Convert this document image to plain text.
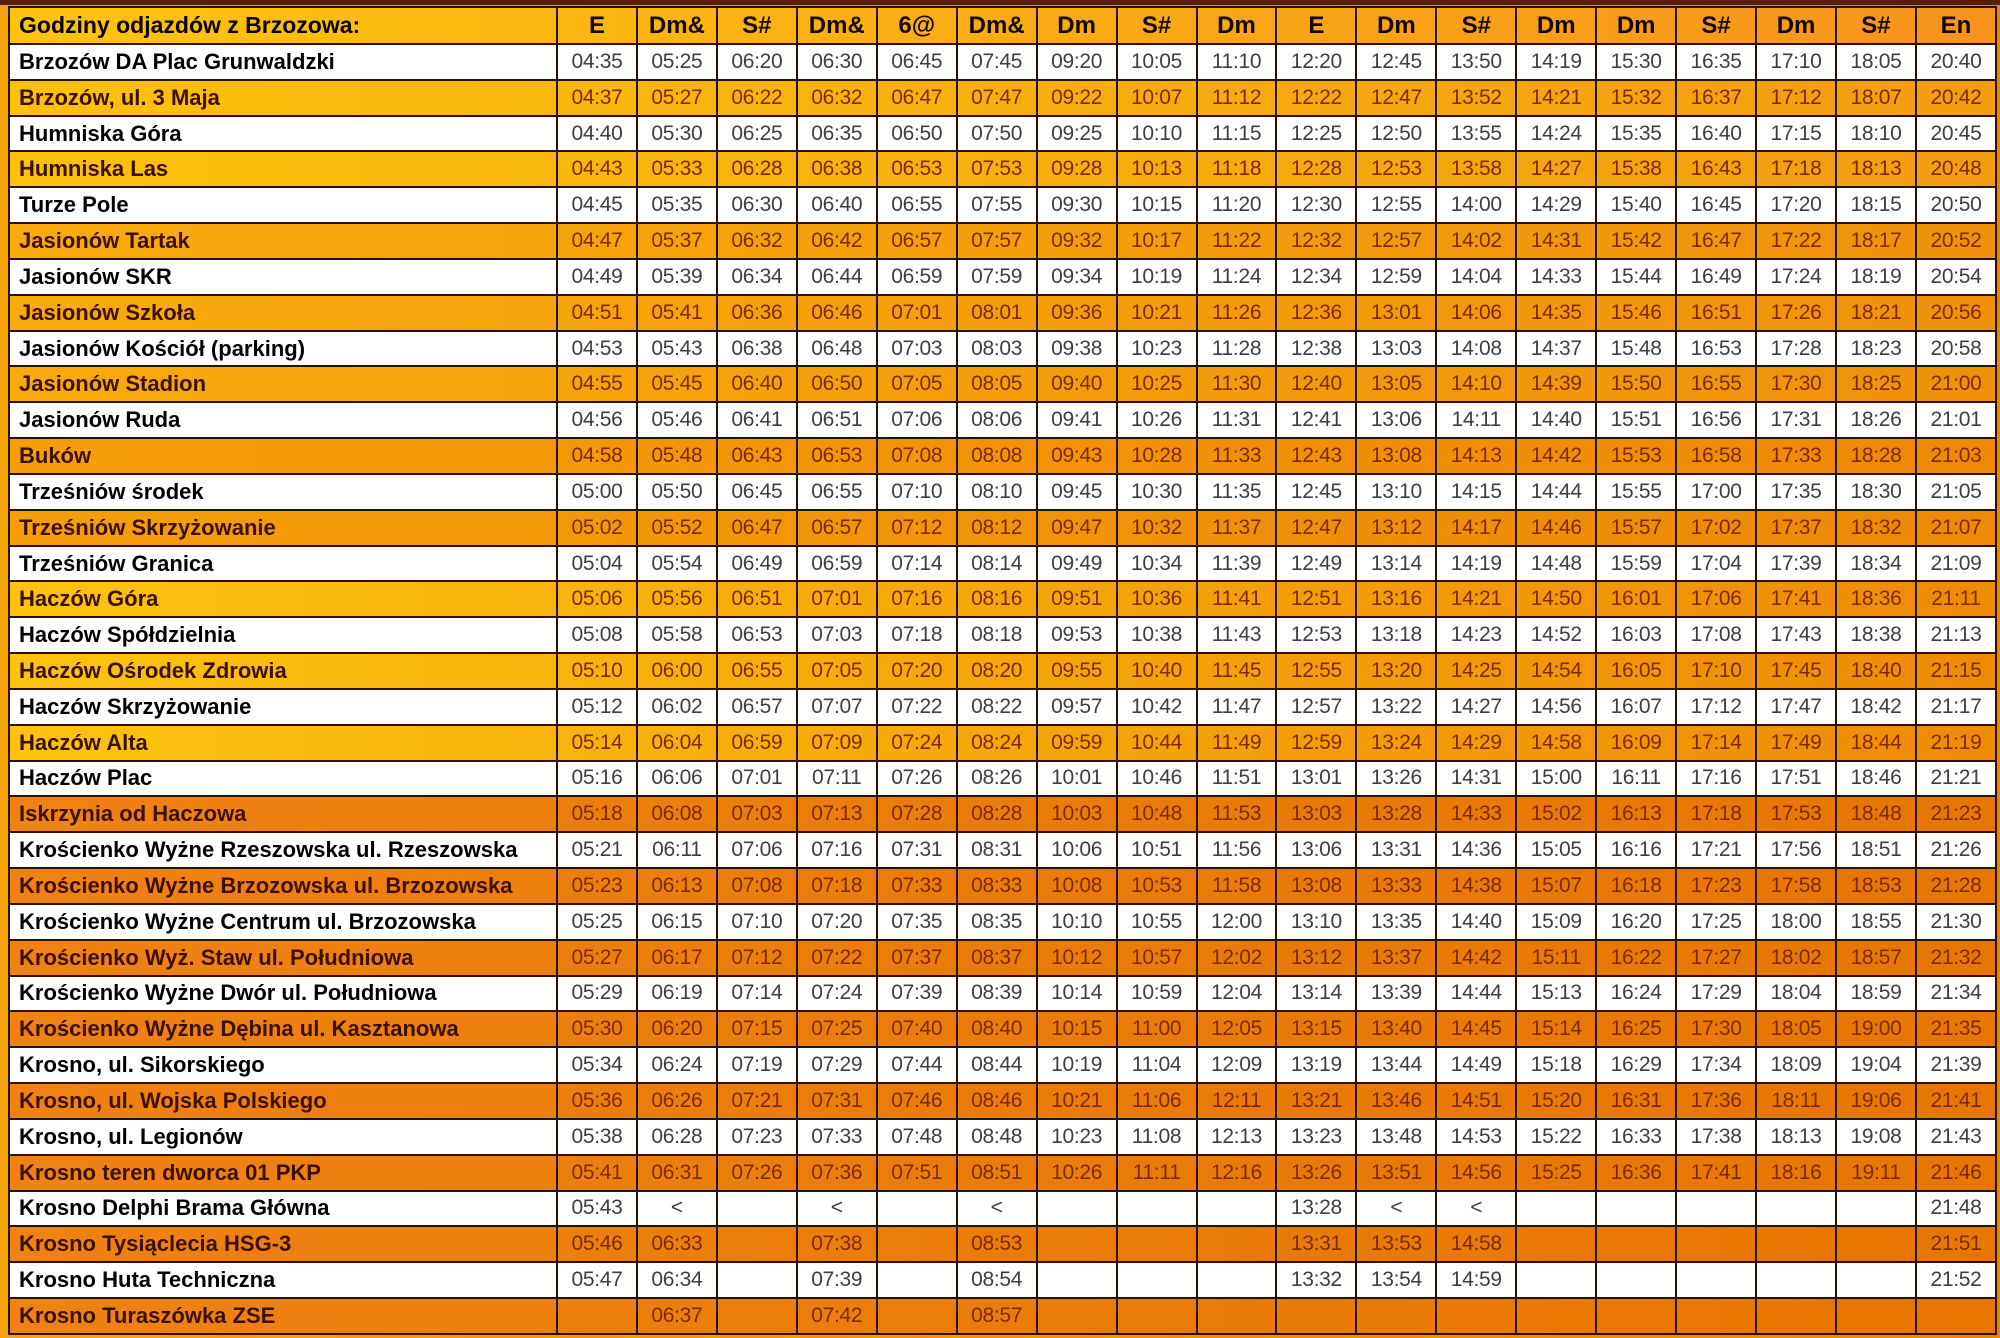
Godziny odjazdów z Brzozowa:	E	Dm&	S#	Dm&	6@	Dm&	Dm	S#	Dm	E	Dm	S#	Dm	Dm	S#	Dm	S#	En
Brzozów DA Plac Grunwaldzki	04:35	05:25	06:20	06:30	06:45	07:45	09:20	10:05	11:10	12:20	12:45	13:50	14:19	15:30	16:35	17:10	18:05	20:40
Brzozów, ul. 3 Maja	04:37	05:27	06:22	06:32	06:47	07:47	09:22	10:07	11:12	12:22	12:47	13:52	14:21	15:32	16:37	17:12	18:07	20:42
Humniska Góra	04:40	05:30	06:25	06:35	06:50	07:50	09:25	10:10	11:15	12:25	12:50	13:55	14:24	15:35	16:40	17:15	18:10	20:45
Humniska Las	04:43	05:33	06:28	06:38	06:53	07:53	09:28	10:13	11:18	12:28	12:53	13:58	14:27	15:38	16:43	17:18	18:13	20:48
Turze Pole	04:45	05:35	06:30	06:40	06:55	07:55	09:30	10:15	11:20	12:30	12:55	14:00	14:29	15:40	16:45	17:20	18:15	20:50
Jasionów Tartak	04:47	05:37	06:32	06:42	06:57	07:57	09:32	10:17	11:22	12:32	12:57	14:02	14:31	15:42	16:47	17:22	18:17	20:52
Jasionów SKR	04:49	05:39	06:34	06:44	06:59	07:59	09:34	10:19	11:24	12:34	12:59	14:04	14:33	15:44	16:49	17:24	18:19	20:54
Jasionów Szkoła	04:51	05:41	06:36	06:46	07:01	08:01	09:36	10:21	11:26	12:36	13:01	14:06	14:35	15:46	16:51	17:26	18:21	20:56
Jasionów Kościół (parking)	04:53	05:43	06:38	06:48	07:03	08:03	09:38	10:23	11:28	12:38	13:03	14:08	14:37	15:48	16:53	17:28	18:23	20:58
Jasionów Stadion	04:55	05:45	06:40	06:50	07:05	08:05	09:40	10:25	11:30	12:40	13:05	14:10	14:39	15:50	16:55	17:30	18:25	21:00
Jasionów Ruda	04:56	05:46	06:41	06:51	07:06	08:06	09:41	10:26	11:31	12:41	13:06	14:11	14:40	15:51	16:56	17:31	18:26	21:01
Buków	04:58	05:48	06:43	06:53	07:08	08:08	09:43	10:28	11:33	12:43	13:08	14:13	14:42	15:53	16:58	17:33	18:28	21:03
Trześniów środek	05:00	05:50	06:45	06:55	07:10	08:10	09:45	10:30	11:35	12:45	13:10	14:15	14:44	15:55	17:00	17:35	18:30	21:05
Trześniów Skrzyżowanie	05:02	05:52	06:47	06:57	07:12	08:12	09:47	10:32	11:37	12:47	13:12	14:17	14:46	15:57	17:02	17:37	18:32	21:07
Trześniów Granica	05:04	05:54	06:49	06:59	07:14	08:14	09:49	10:34	11:39	12:49	13:14	14:19	14:48	15:59	17:04	17:39	18:34	21:09
Haczów Góra	05:06	05:56	06:51	07:01	07:16	08:16	09:51	10:36	11:41	12:51	13:16	14:21	14:50	16:01	17:06	17:41	18:36	21:11
Haczów Spółdzielnia	05:08	05:58	06:53	07:03	07:18	08:18	09:53	10:38	11:43	12:53	13:18	14:23	14:52	16:03	17:08	17:43	18:38	21:13
Haczów Ośrodek Zdrowia	05:10	06:00	06:55	07:05	07:20	08:20	09:55	10:40	11:45	12:55	13:20	14:25	14:54	16:05	17:10	17:45	18:40	21:15
Haczów Skrzyżowanie	05:12	06:02	06:57	07:07	07:22	08:22	09:57	10:42	11:47	12:57	13:22	14:27	14:56	16:07	17:12	17:47	18:42	21:17
Haczów Alta	05:14	06:04	06:59	07:09	07:24	08:24	09:59	10:44	11:49	12:59	13:24	14:29	14:58	16:09	17:14	17:49	18:44	21:19
Haczów Plac	05:16	06:06	07:01	07:11	07:26	08:26	10:01	10:46	11:51	13:01	13:26	14:31	15:00	16:11	17:16	17:51	18:46	21:21
Iskrzynia od Haczowa	05:18	06:08	07:03	07:13	07:28	08:28	10:03	10:48	11:53	13:03	13:28	14:33	15:02	16:13	17:18	17:53	18:48	21:23
Krościenko Wyżne Rzeszowska ul. Rzeszowska	05:21	06:11	07:06	07:16	07:31	08:31	10:06	10:51	11:56	13:06	13:31	14:36	15:05	16:16	17:21	17:56	18:51	21:26
Krościenko Wyżne Brzozowska ul. Brzozowska	05:23	06:13	07:08	07:18	07:33	08:33	10:08	10:53	11:58	13:08	13:33	14:38	15:07	16:18	17:23	17:58	18:53	21:28
Krościenko Wyżne Centrum ul. Brzozowska	05:25	06:15	07:10	07:20	07:35	08:35	10:10	10:55	12:00	13:10	13:35	14:40	15:09	16:20	17:25	18:00	18:55	21:30
Krościenko Wyż. Staw ul. Południowa	05:27	06:17	07:12	07:22	07:37	08:37	10:12	10:57	12:02	13:12	13:37	14:42	15:11	16:22	17:27	18:02	18:57	21:32
Krościenko Wyżne Dwór ul. Południowa	05:29	06:19	07:14	07:24	07:39	08:39	10:14	10:59	12:04	13:14	13:39	14:44	15:13	16:24	17:29	18:04	18:59	21:34
Krościenko Wyżne Dębina ul. Kasztanowa	05:30	06:20	07:15	07:25	07:40	08:40	10:15	11:00	12:05	13:15	13:40	14:45	15:14	16:25	17:30	18:05	19:00	21:35
Krosno, ul. Sikorskiego	05:34	06:24	07:19	07:29	07:44	08:44	10:19	11:04	12:09	13:19	13:44	14:49	15:18	16:29	17:34	18:09	19:04	21:39
Krosno, ul. Wojska Polskiego	05:36	06:26	07:21	07:31	07:46	08:46	10:21	11:06	12:11	13:21	13:46	14:51	15:20	16:31	17:36	18:11	19:06	21:41
Krosno, ul. Legionów	05:38	06:28	07:23	07:33	07:48	08:48	10:23	11:08	12:13	13:23	13:48	14:53	15:22	16:33	17:38	18:13	19:08	21:43
Krosno teren dworca 01 PKP	05:41	06:31	07:26	07:36	07:51	08:51	10:26	11:11	12:16	13:26	13:51	14:56	15:25	16:36	17:41	18:16	19:11	21:46
Krosno Delphi Brama Główna	05:43	<		<		<				13:28	<	<						21:48
Krosno Tysiąclecia HSG-3	05:46	06:33		07:38		08:53				13:31	13:53	14:58						21:51
Krosno Huta Techniczna	05:47	06:34		07:39		08:54				13:32	13:54	14:59						21:52
Krosno Turaszówka ZSE		06:37		07:42		08:57												
